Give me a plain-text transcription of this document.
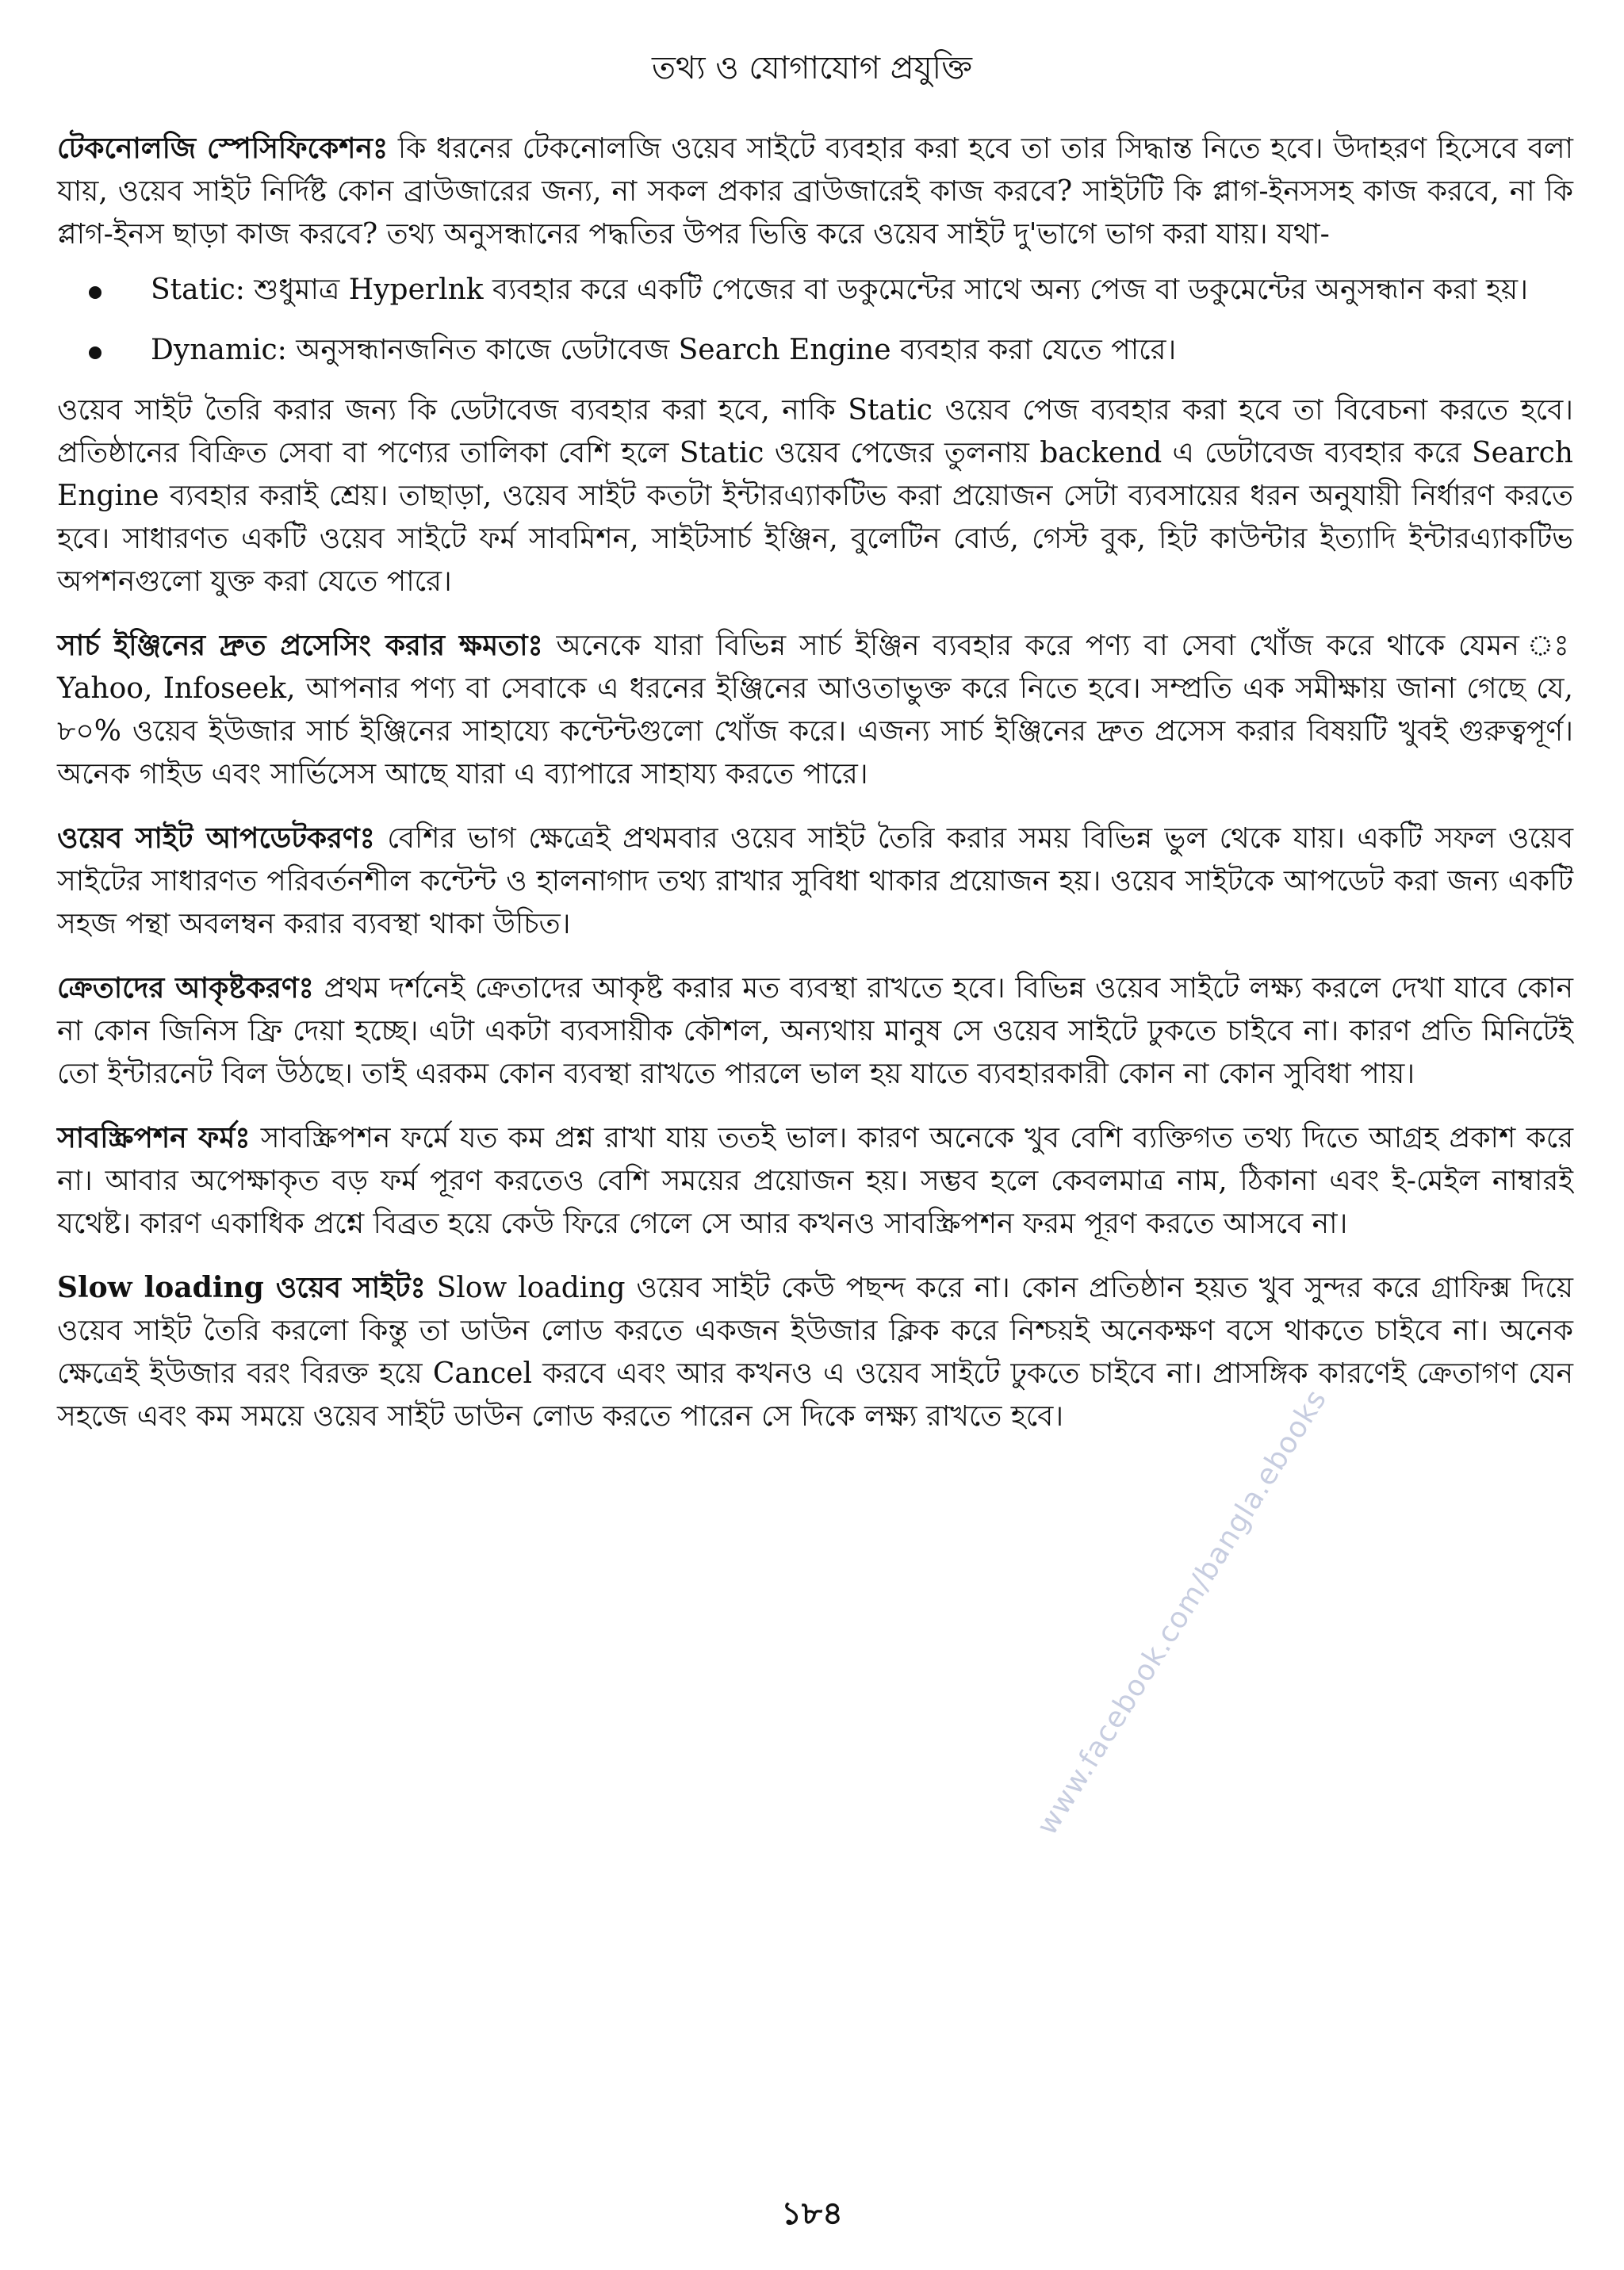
তথ্য ও যোগাযোগ প্রযুক্তি

টেকনোলজি স্পেসিফিকেশনঃ কি ধরনের টেকনোলজি ওয়েব সাইটে ব্যবহার করা হবে তা তার সিদ্ধান্ত নিতে হবে। উদাহরণ হিসেবে বলা যায়, ওয়েব সাইট নির্দিষ্ট কোন ব্রাউজারের জন্য, না সকল প্রকার ব্রাউজারেই কাজ করবে? সাইটটি কি প্লাগ-ইনসসহ কাজ করবে, না কি প্লাগ-ইনস ছাড়া কাজ করবে? তথ্য অনুসন্ধানের পদ্ধতির উপর ভিত্তি করে ওয়েব সাইট দু'ভাগে ভাগ করা যায়। যথা-

Static: শুধুমাত্র Hyperlnk ব্যবহার করে একটি পেজের বা ডকুমেন্টের সাথে অন্য পেজ বা ডকুমেন্টের অনুসন্ধান করা হয়।
Dynamic: অনুসন্ধানজনিত কাজে ডেটাবেজ Search Engine ব্যবহার করা যেতে পারে।

ওয়েব সাইট তৈরি করার জন্য কি ডেটাবেজ ব্যবহার করা হবে, নাকি Static ওয়েব পেজ ব্যবহার করা হবে তা বিবেচনা করতে হবে। প্রতিষ্ঠানের বিক্রিত সেবা বা পণ্যের তালিকা বেশি হলে Static ওয়েব পেজের তুলনায় backend এ ডেটাবেজ ব্যবহার করে Search Engine ব্যবহার করাই শ্রেয়। তাছাড়া, ওয়েব সাইট কতটা ইন্টারএ্যাকটিভ করা প্রয়োজন সেটা ব্যবসায়ের ধরন অনুযায়ী নির্ধারণ করতে হবে। সাধারণত একটি ওয়েব সাইটে ফর্ম সাবমিশন, সাইটসার্চ ইঞ্জিন, বুলেটিন বোর্ড, গেস্ট বুক, হিট কাউন্টার ইত্যাদি ইন্টারএ্যাকটিভ অপশনগুলো যুক্ত করা যেতে পারে।

সার্চ ইঞ্জিনের দ্রুত প্রসেসিং করার ক্ষমতাঃ অনেকে যারা বিভিন্ন সার্চ ইঞ্জিন ব্যবহার করে পণ্য বা সেবা খোঁজ করে থাকে যেমন ঃ Yahoo, Infoseek, আপনার পণ্য বা সেবাকে এ ধরনের ইঞ্জিনের আওতাভুক্ত করে নিতে হবে। সম্প্রতি এক সমীক্ষায় জানা গেছে যে, ৮০% ওয়েব ইউজার সার্চ ইঞ্জিনের সাহায্যে কন্টেন্টগুলো খোঁজ করে। এজন্য সার্চ ইঞ্জিনের দ্রুত প্রসেস করার বিষয়টি খুবই গুরুত্বপূর্ণ। অনেক গাইড এবং সার্ভিসেস আছে যারা এ ব্যাপারে সাহায্য করতে পারে।

ওয়েব সাইট আপডেটকরণঃ বেশির ভাগ ক্ষেত্রেই প্রথমবার ওয়েব সাইট তৈরি করার সময় বিভিন্ন ভুল থেকে যায়। একটি সফল ওয়েব সাইটের সাধারণত পরিবর্তনশীল কন্টেন্ট ও হালনাগাদ তথ্য রাখার সুবিধা থাকার প্রয়োজন হয়। ওয়েব সাইটকে আপডেট করা জন্য একটি সহজ পন্থা অবলম্বন করার ব্যবস্থা থাকা উচিত।

ক্রেতাদের আকৃষ্টকরণঃ প্রথম দর্শনেই ক্রেতাদের আকৃষ্ট করার মত ব্যবস্থা রাখতে হবে। বিভিন্ন ওয়েব সাইটে লক্ষ্য করলে দেখা যাবে কোন না কোন জিনিস ফ্রি দেয়া হচ্ছে। এটা একটা ব্যবসায়ীক কৌশল, অন্যথায় মানুষ সে ওয়েব সাইটে ঢুকতে চাইবে না। কারণ প্রতি মিনিটেই তো ইন্টারনেট বিল উঠছে। তাই এরকম কোন ব্যবস্থা রাখতে পারলে ভাল হয় যাতে ব্যবহারকারী কোন না কোন সুবিধা পায়।

সাবস্ক্রিপশন ফর্মঃ সাবস্ক্রিপশন ফর্মে যত কম প্রশ্ন রাখা যায় ততই ভাল। কারণ অনেকে খুব বেশি ব্যক্তিগত তথ্য দিতে আগ্রহ প্রকাশ করে না। আবার অপেক্ষাকৃত বড় ফর্ম পূরণ করতেও বেশি সময়ের প্রয়োজন হয়। সম্ভব হলে কেবলমাত্র নাম, ঠিকানা এবং ই-মেইল নাম্বারই যথেষ্ট। কারণ একাধিক প্রশ্নে বিব্রত হয়ে কেউ ফিরে গেলে সে আর কখনও সাবস্ক্রিপশন ফরম পূরণ করতে আসবে না।

Slow loading ওয়েব সাইটঃ Slow loading ওয়েব সাইট কেউ পছন্দ করে না। কোন প্রতিষ্ঠান হয়ত খুব সুন্দর করে গ্রাফিক্স দিয়ে ওয়েব সাইট তৈরি করলো কিন্তু তা ডাউন লোড করতে একজন ইউজার ক্লিক করে নিশ্চয়ই অনেকক্ষণ বসে থাকতে চাইবে না। অনেক ক্ষেত্রেই ইউজার বরং বিরক্ত হয়ে Cancel করবে এবং আর কখনও এ ওয়েব সাইটে ঢুকতে চাইবে না। প্রাসঙ্গিক কারণেই ক্রেতাগণ যেন সহজে এবং কম সময়ে ওয়েব সাইট ডাউন লোড করতে পারেন সে দিকে লক্ষ্য রাখতে হবে।

www.facebook.com/bangla.ebooks
১৮৪
